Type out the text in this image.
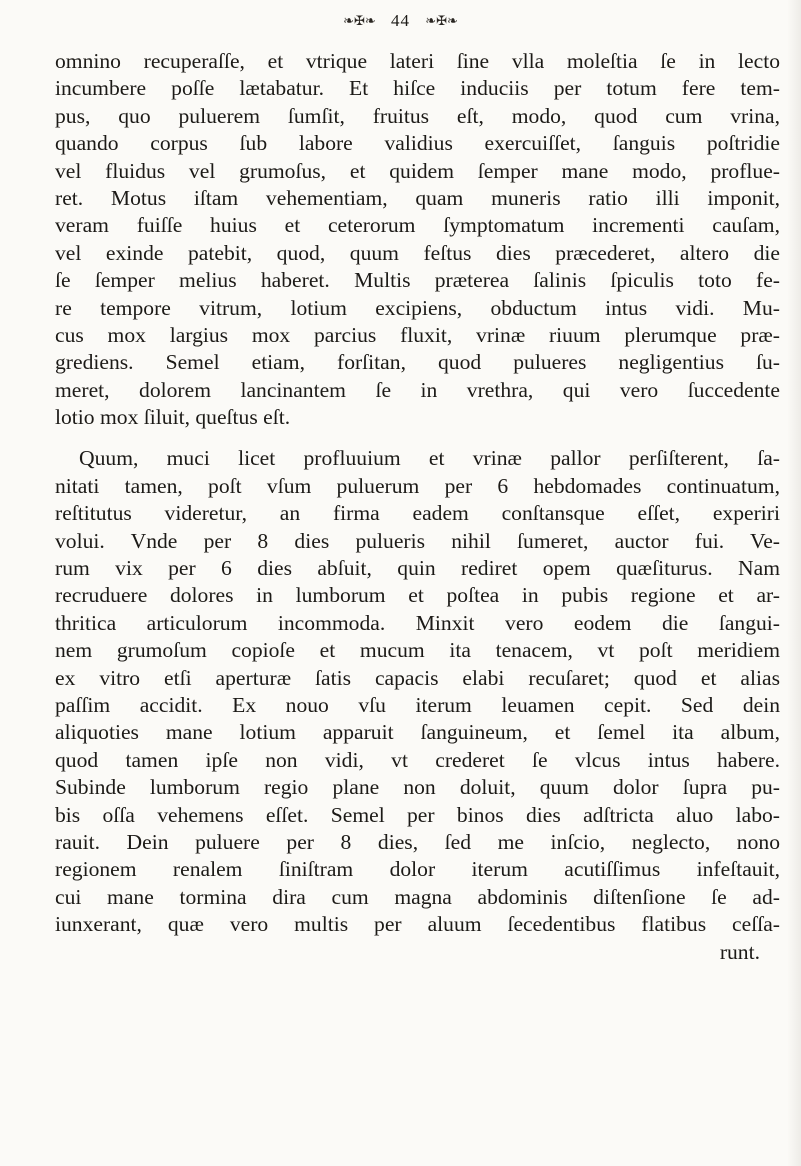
❧✠❧ 44 ❧✠❧
omnino recuperaſſe, et vtrique lateri ſine vlla moleſtia ſe in lecto
incumbere poſſe lætabatur. Et hiſce induciis per totum fere tem-
pus, quo puluerem ſumſit, fruitus eſt, modo, quod cum vrina,
quando corpus ſub labore validius exercuiſſet, ſanguis poſtridie
vel fluidus vel grumoſus, et quidem ſemper mane modo, proflue-
ret. Motus iſtam vehementiam, quam muneris ratio illi imponit,
veram fuiſſe huius et ceterorum ſymptomatum incrementi cauſam,
vel exinde patebit, quod, quum feſtus dies præcederet, altero die
ſe ſemper melius haberet. Multis præterea ſalinis ſpiculis toto fe-
re tempore vitrum, lotium excipiens, obductum intus vidi. Mu-
cus mox largius mox parcius fluxit, vrinæ riuum plerumque præ-
grediens. Semel etiam, forſitan, quod pulueres negligentius ſu-
meret, dolorem lancinantem ſe in vrethra, qui vero ſuccedente
lotio mox ſiluit, queſtus eſt.
Quum, muci licet profluuium et vrinæ pallor perſiſterent, ſa-
nitati tamen, poſt vſum puluerum per 6 hebdomades continuatum,
reſtitutus videretur, an firma eadem conſtansque eſſet, experiri
volui. Vnde per 8 dies pulueris nihil ſumeret, auctor fui. Ve-
rum vix per 6 dies abſuit, quin rediret opem quæſiturus. Nam
recruduere dolores in lumborum et poſtea in pubis regione et ar-
thritica articulorum incommoda. Minxit vero eodem die ſangui-
nem grumoſum copioſe et mucum ita tenacem, vt poſt meridiem
ex vitro etſi aperturæ ſatis capacis elabi recuſaret; quod et alias
paſſim accidit. Ex nouo vſu iterum leuamen cepit. Sed dein
aliquoties mane lotium apparuit ſanguineum, et ſemel ita album,
quod tamen ipſe non vidi, vt crederet ſe vlcus intus habere.
Subinde lumborum regio plane non doluit, quum dolor ſupra pu-
bis oſſa vehemens eſſet. Semel per binos dies adſtricta aluo labo-
rauit. Dein puluere per 8 dies, ſed me inſcio, neglecto, nono
regionem renalem ſiniſtram dolor iterum acutiſſimus infeſtauit,
cui mane tormina dira cum magna abdominis diſtenſione ſe ad-
iunxerant, quæ vero multis per aluum ſecedentibus flatibus ceſſa-
runt.
